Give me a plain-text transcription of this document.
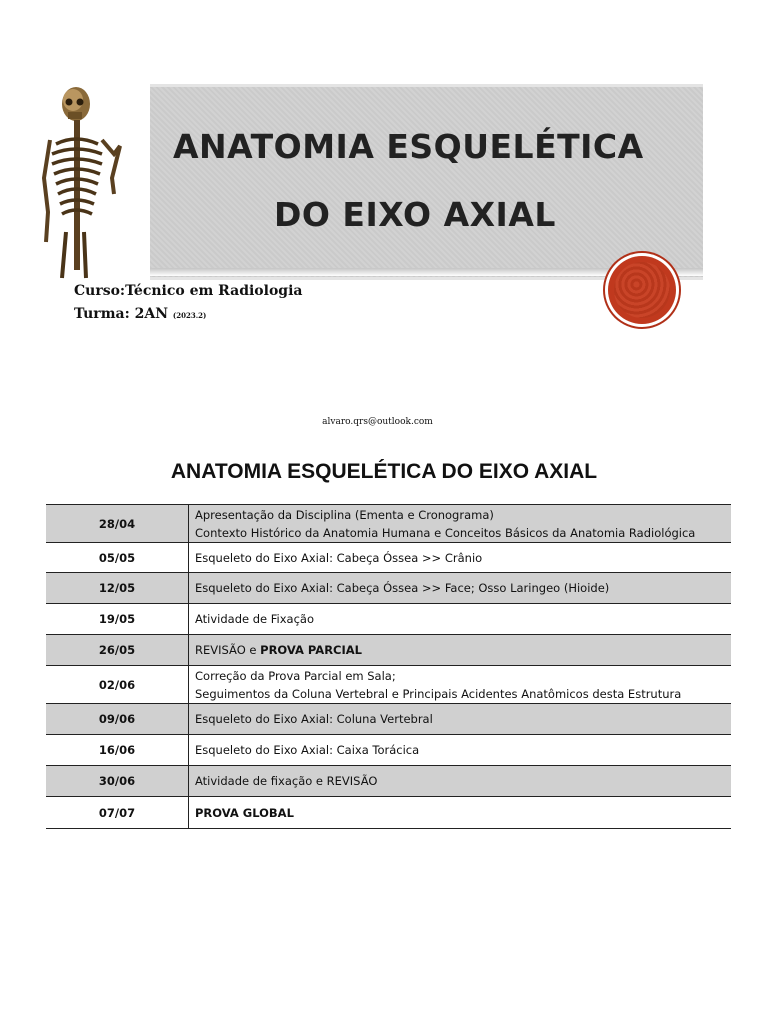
ANATOMIA ESQUELÉTICA
DO EIXO AXIAL
Curso:Técnico em Radiologia
Turma: 2AN (2023.2)
alvaro.qrs@outlook.com
ANATOMIA ESQUELÉTICA DO EIXO AXIAL
28/04	Apresentação da Disciplina (Ementa e Cronograma)
Contexto Histórico da Anatomia Humana e Conceitos Básicos da Anatomia Radiológica

05/05	Esqueleto do Eixo Axial: Cabeça Óssea >> Crânio

12/05	Esqueleto do Eixo Axial: Cabeça Óssea >> Face; Osso Laringeo (Hioide)

19/05	Atividade de Fixação

26/05	REVISÃO e PROVA PARCIAL

02/06	Correção da Prova Parcial em Sala;
Seguimentos da Coluna Vertebral e Principais Acidentes Anatômicos desta Estrutura

09/06	Esqueleto do Eixo Axial: Coluna Vertebral

16/06	Esqueleto do Eixo Axial: Caixa Torácica

30/06	Atividade de fixação e REVISÃO

07/07	PROVA GLOBAL
